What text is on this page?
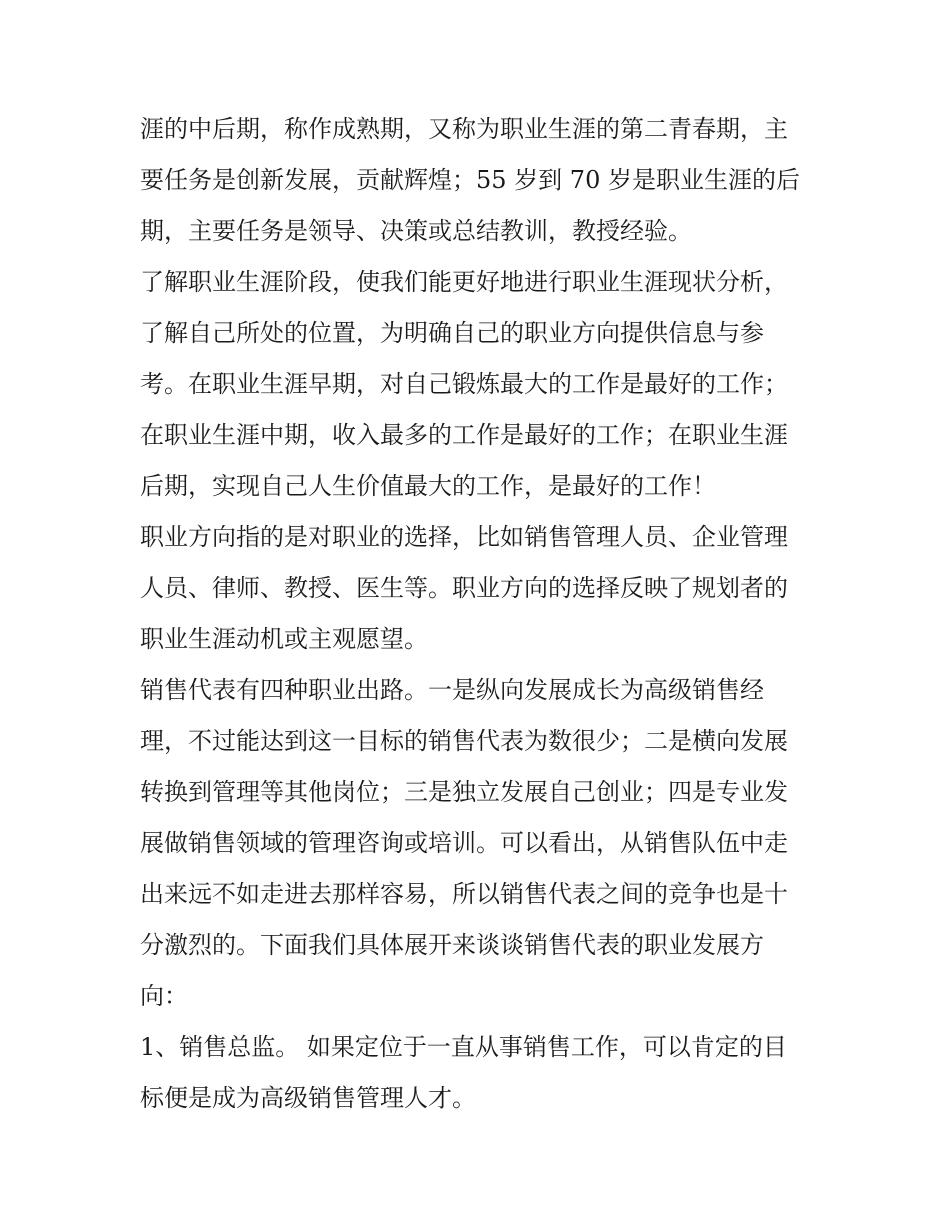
涯的中后期，称作成熟期，又称为职业生涯的第二青春期，主
要任务是创新发展，贡献辉煌；55 岁到 70 岁是职业生涯的后
期，主要任务是领导、决策或总结教训，教授经验。
了解职业生涯阶段，使我们能更好地进行职业生涯现状分析，
了解自己所处的位置，为明确自己的职业方向提供信息与参
考。在职业生涯早期，对自己锻炼最大的工作是最好的工作；
在职业生涯中期，收入最多的工作是最好的工作；在职业生涯
后期，实现自己人生价值最大的工作，是最好的工作！
职业方向指的是对职业的选择，比如销售管理人员、企业管理
人员、律师、教授、医生等。职业方向的选择反映了规划者的
职业生涯动机或主观愿望。
销售代表有四种职业出路。一是纵向发展成长为高级销售经
理，不过能达到这一目标的销售代表为数很少；二是横向发展
转换到管理等其他岗位；三是独立发展自己创业；四是专业发
展做销售领域的管理咨询或培训。可以看出，从销售队伍中走
出来远不如走进去那样容易，所以销售代表之间的竞争也是十
分激烈的。下面我们具体展开来谈谈销售代表的职业发展方
向：
1、销售总监。 如果定位于一直从事销售工作，可以肯定的目
标便是成为高级销售管理人才。
